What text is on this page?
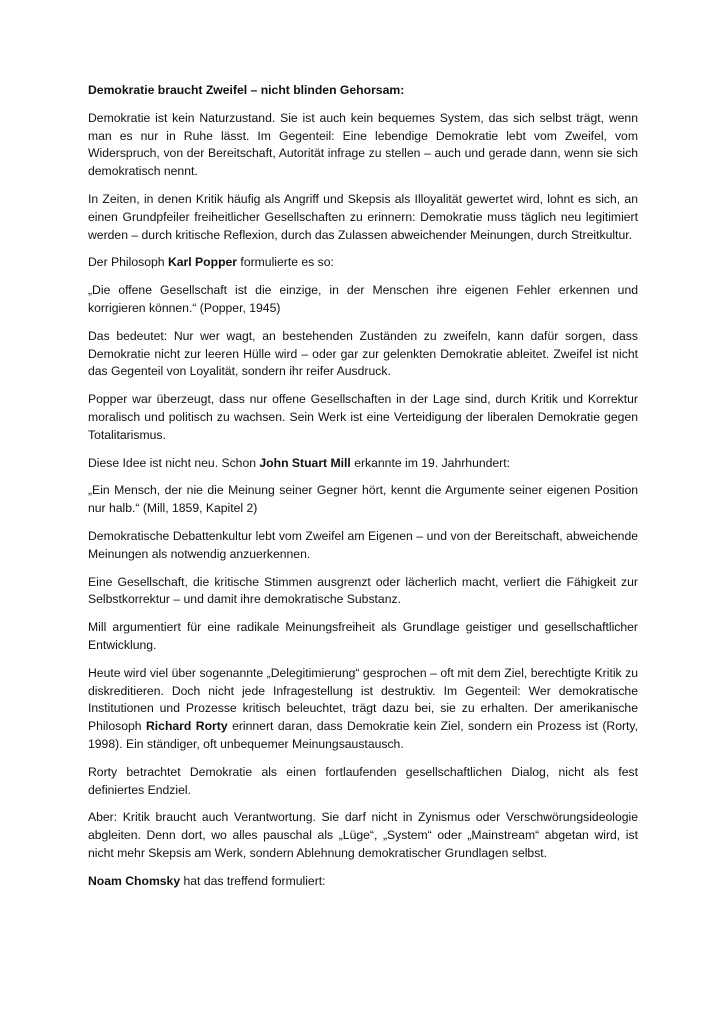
Demokratie braucht Zweifel – nicht blinden Gehorsam:

Demokratie ist kein Naturzustand. Sie ist auch kein bequemes System, das sich selbst trägt, wenn man es nur in Ruhe lässt. Im Gegenteil: Eine lebendige Demokratie lebt vom Zweifel, vom Widerspruch, von der Bereitschaft, Autorität infrage zu stellen – auch und gerade dann, wenn sie sich demokratisch nennt.

In Zeiten, in denen Kritik häufig als Angriff und Skepsis als Illoyalität gewertet wird, lohnt es sich, an einen Grundpfeiler freiheitlicher Gesellschaften zu erinnern: Demokratie muss täglich neu legitimiert werden – durch kritische Reflexion, durch das Zulassen abweichender Meinungen, durch Streitkultur.

Der Philosoph Karl Popper formulierte es so:

„Die offene Gesellschaft ist die einzige, in der Menschen ihre eigenen Fehler erkennen und korrigieren können.“ (Popper, 1945)

Das bedeutet: Nur wer wagt, an bestehenden Zuständen zu zweifeln, kann dafür sorgen, dass Demokratie nicht zur leeren Hülle wird – oder gar zur gelenkten Demokratie ableitet. Zweifel ist nicht das Gegenteil von Loyalität, sondern ihr reifer Ausdruck.

Popper war überzeugt, dass nur offene Gesellschaften in der Lage sind, durch Kritik und Korrektur moralisch und politisch zu wachsen. Sein Werk ist eine Verteidigung der liberalen Demokratie gegen Totalitarismus.

Diese Idee ist nicht neu. Schon John Stuart Mill erkannte im 19. Jahrhundert:

„Ein Mensch, der nie die Meinung seiner Gegner hört, kennt die Argumente seiner eigenen Position nur halb.“ (Mill, 1859, Kapitel 2)

Demokratische Debattenkultur lebt vom Zweifel am Eigenen – und von der Bereitschaft, abweichende Meinungen als notwendig anzuerkennen.

Eine Gesellschaft, die kritische Stimmen ausgrenzt oder lächerlich macht, verliert die Fähigkeit zur Selbstkorrektur – und damit ihre demokratische Substanz.

Mill argumentiert für eine radikale Meinungsfreiheit als Grundlage geistiger und gesellschaftlicher Entwicklung.

Heute wird viel über sogenannte „Delegitimierung“ gesprochen – oft mit dem Ziel, berechtigte Kritik zu diskreditieren. Doch nicht jede Infragestellung ist destruktiv. Im Gegenteil: Wer demokratische Institutionen und Prozesse kritisch beleuchtet, trägt dazu bei, sie zu erhalten. Der amerikanische Philosoph Richard Rorty erinnert daran, dass Demokratie kein Ziel, sondern ein Prozess ist (Rorty, 1998). Ein ständiger, oft unbequemer Meinungsaustausch.

Rorty betrachtet Demokratie als einen fortlaufenden gesellschaftlichen Dialog, nicht als fest definiertes Endziel.

Aber: Kritik braucht auch Verantwortung. Sie darf nicht in Zynismus oder Verschwörungsideologie abgleiten. Denn dort, wo alles pauschal als „Lüge“, „System“ oder „Mainstream“ abgetan wird, ist nicht mehr Skepsis am Werk, sondern Ablehnung demokratischer Grundlagen selbst.

Noam Chomsky hat das treffend formuliert:
